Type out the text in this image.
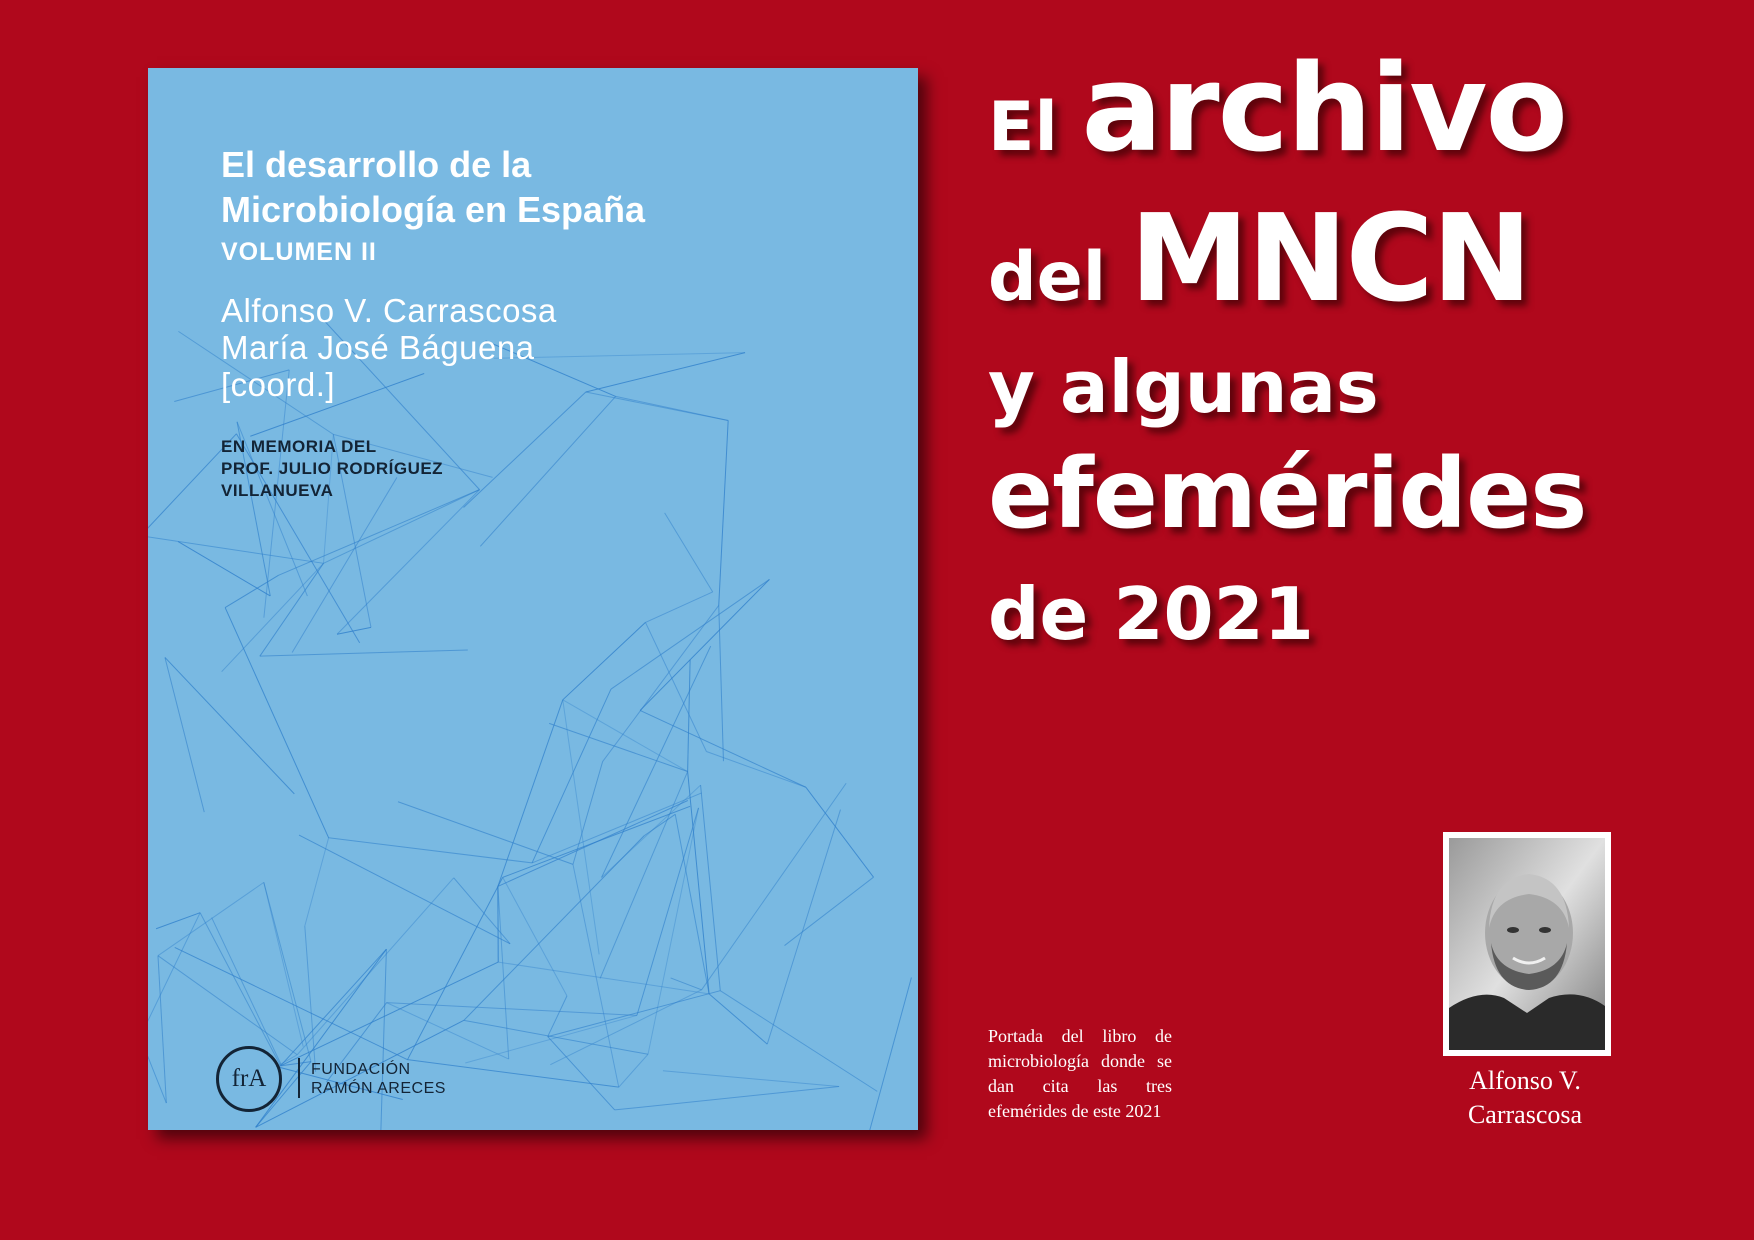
El desarrollo de la
Microbiología en España
VOLUMEN II
Alfonso V. Carrascosa
María José Báguena
[coord.]
EN MEMORIA DEL
PROF. JULIO RODRÍGUEZ
VILLANUEVA
frA	FUNDACIÓN
RAMÓN ARECES
El archivo
del MNCN
y algunas
efemérides
de 2021

Portada del libro de microbiología donde se dan cita las tres efemérides de este 2021

Alfonso V.
Carrascosa
